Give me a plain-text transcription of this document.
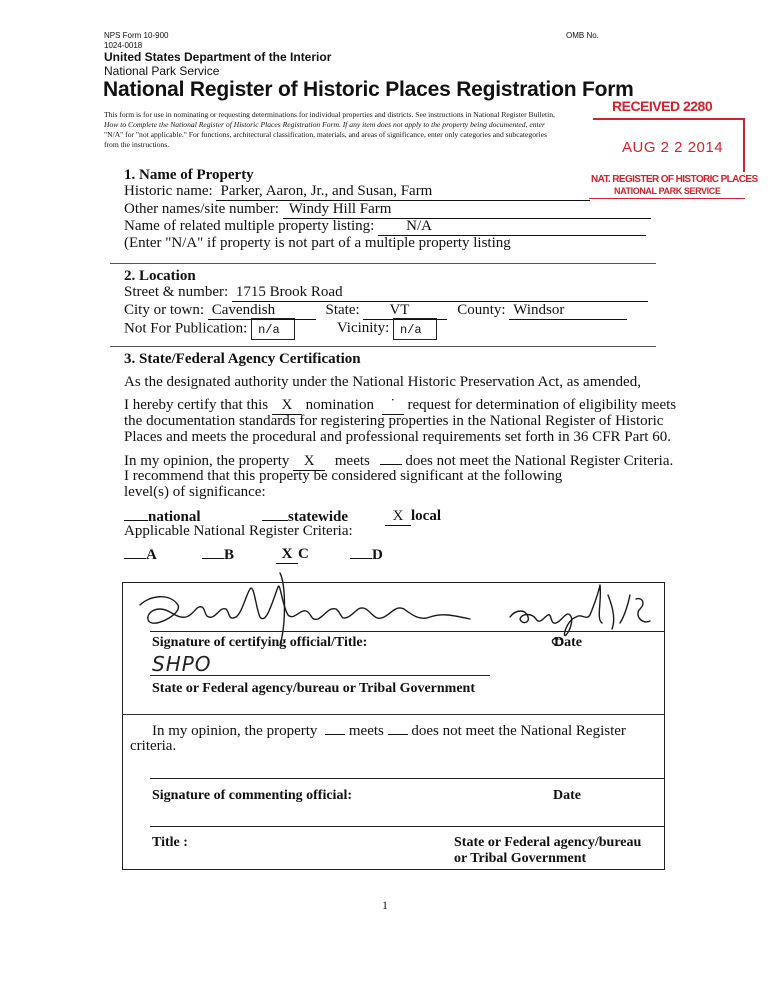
NPS Form 10-900	OMB No.
1024-0018
United States Department of the Interior
National Park Service
National Register of Historic Places Registration Form
This form is for use in nominating or requesting determinations for individual properties and districts. See instructions in National Register Bulletin,
How to Complete the National Register of Historic Places Registration Form. If any item does not apply to the property being documented, enter
"N/A" for "not applicable." For functions, architectural classification, materials, and areas of significance, enter only categories and subcategories
from the instructions.
RECEIVED 2280
AUG 2 2 2014
NAT. REGISTER OF HISTORIC PLACES
NATIONAL PARK SERVICE
1. Name of Property
Historic name: Parker, Aaron, Jr., and Susan, Farm
Other names/site number: Windy Hill Farm
Name of related multiple property listing: N/A
(Enter "N/A" if property is not part of a multiple property listing
2. Location
Street & number: 1715 Brook Road
City or town: Cavendish	State: VT	County: Windsor
Not For Publication: n/a	Vicinity: n/a
3. State/Federal Agency Certification
As the designated authority under the National Historic Preservation Act, as amended,
I hereby certify that this X nomination ˙ request for determination of eligibility meets
the documentation standards for registering properties in the National Register of Historic
Places and meets the procedural and professional requirements set forth in 36 CFR Part 60.
In my opinion, the property X meets does not meet the National Register Criteria.
I recommend that this property be considered significant at the following
level(s) of significance:
national	statewide	X local
Applicable National Register Criteria:
A	B	X C	D
Signature of certifying official/Title:	Date
SHPO
State or Federal agency/bureau or Tribal Government
In my opinion, the property meets does not meet the National Register
criteria.
Signature of commenting official:	Date
Title :	State or Federal agency/bureau
or Tribal Government
1
